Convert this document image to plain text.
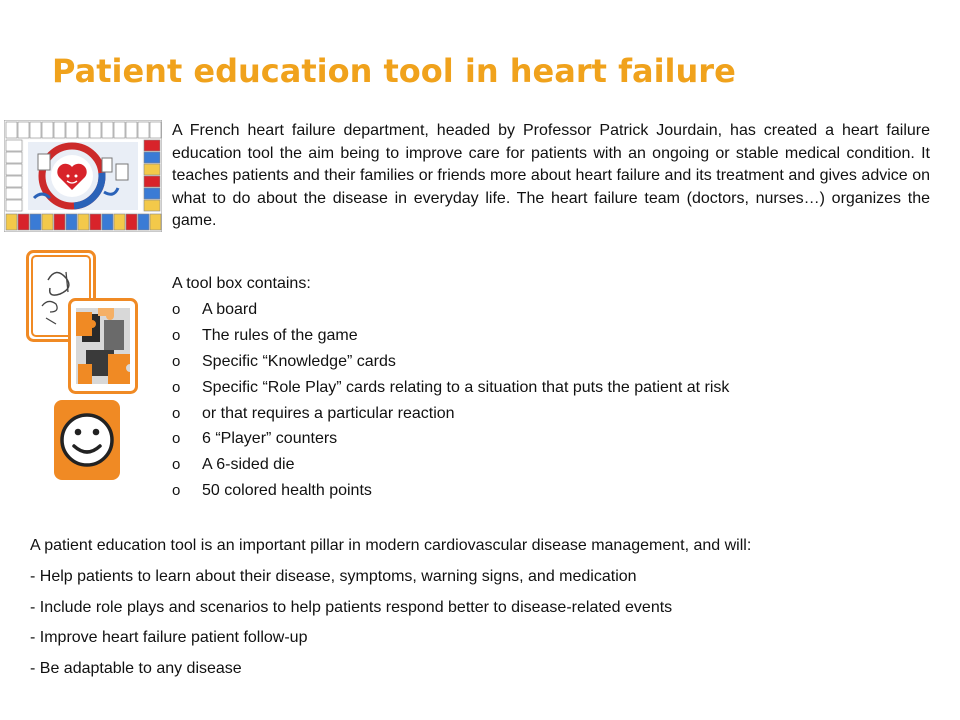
Patient education tool in heart failure

A French heart failure department, headed by Professor Patrick Jourdain, has created a heart failure education tool the aim being to improve care for patients with an ongoing or stable medical condition. It teaches patients and their families or friends more about heart failure and its treatment and gives advice on what to do about the disease in everyday life. The heart failure team (doctors, nurses…) organizes the game.

A tool box contains:

o A board
o The rules of the game
o Specific “Knowledge” cards
o Specific “Role Play” cards relating to a situation that puts the patient at risk
o or that requires a particular reaction
o 6 “Player” counters
o A 6-sided die
o 50 colored health points

A patient education tool is an important pillar in modern cardiovascular disease management, and will:

- Help patients to learn about their disease, symptoms, warning signs, and medication
- Include role plays and scenarios to help patients respond better to disease-related events
- Improve heart failure patient follow-up
- Be adaptable to any disease
